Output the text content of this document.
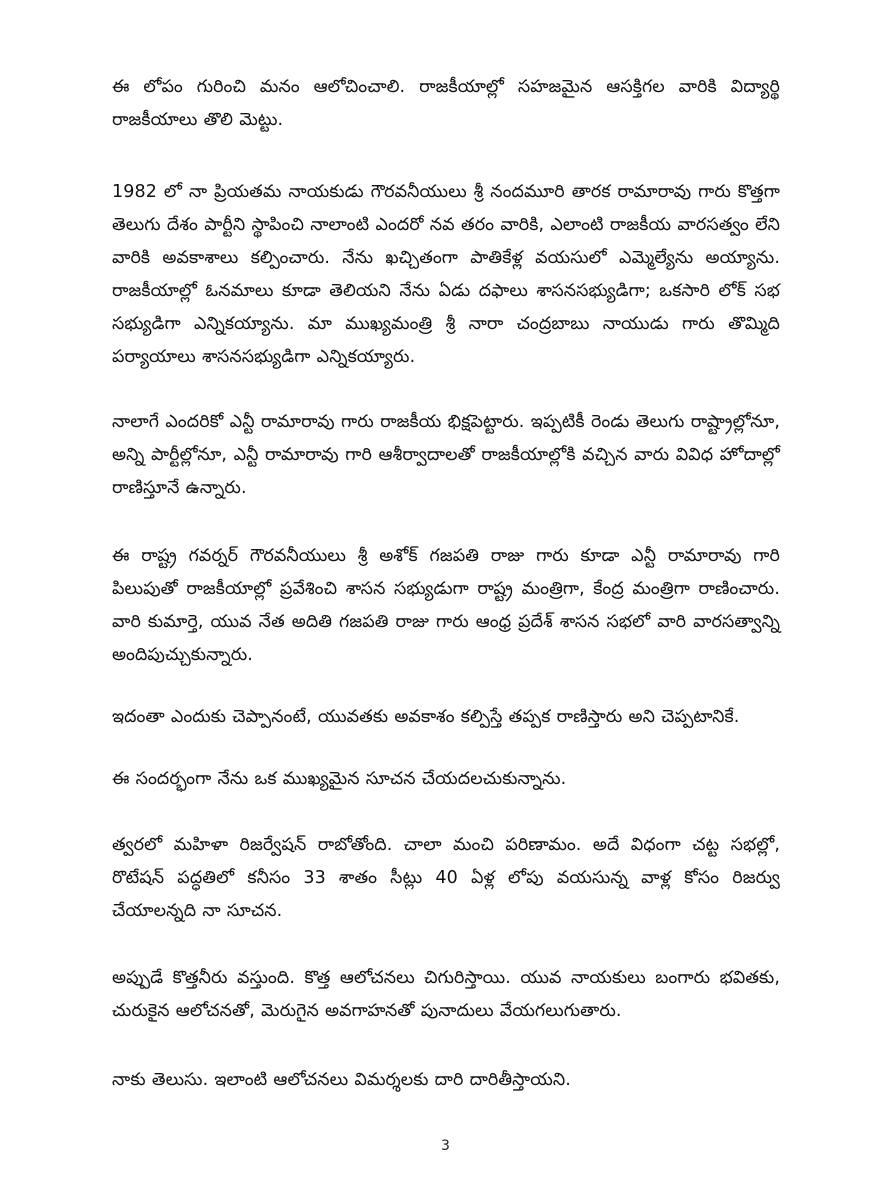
ఈ లోపం గురించి మనం ఆలోచించాలి. రాజకీయాల్లో సహజమైన ఆసక్తిగల వారికి విద్యార్థి రాజకీయాలు తొలి మెట్టు.

1982 లో నా ప్రియతమ నాయకుడు గౌరవనీయులు శ్రీ నందమూరి తారక రామారావు గారు కొత్తగా తెలుగు దేశం పార్టీని స్థాపించి నాలాంటి ఎందరో నవ తరం వారికి, ఎలాంటి రాజకీయ వారసత్వం లేని వారికి అవకాశాలు కల్పించారు. నేను ఖచ్చితంగా పాతికేళ్ల వయసులో ఎమ్మెల్యేను అయ్యాను. రాజకీయాల్లో ఓనమాలు కూడా తెలియని నేను ఏడు దఫాలు శాసనసభ్యుడిగా; ఒకసారి లోక్ సభ సభ్యుడిగా ఎన్నికయ్యాను. మా ముఖ్యమంత్రి శ్రీ నారా చంద్రబాబు నాయుడు గారు తొమ్మిది పర్యాయాలు శాసనసభ్యుడిగా ఎన్నికయ్యారు.

నాలాగే ఎందరికో ఎన్టీ రామారావు గారు రాజకీయ భిక్షపెట్టారు. ఇప్పటికీ రెండు తెలుగు రాష్ట్రాల్లోనూ, అన్ని పార్టీల్లోనూ, ఎన్టీ రామారావు గారి ఆశీర్వాదాలతో రాజకీయాల్లోకి వచ్చిన వారు వివిధ హోదాల్లో రాణిస్తూనే ఉన్నారు.

ఈ రాష్ట్ర గవర్నర్ గౌరవనీయులు శ్రీ అశోక్ గజపతి రాజు గారు కూడా ఎన్టీ రామారావు గారి పిలుపుతో రాజకీయాల్లో ప్రవేశించి శాసన సభ్యుడుగా రాష్ట్ర మంత్రిగా, కేంద్ర మంత్రిగా రాణించారు. వారి కుమార్తె, యువ నేత అదితి గజపతి రాజు గారు ఆంధ్ర ప్రదేశ్ శాసన సభలో వారి వారసత్వాన్ని అందిపుచ్చుకున్నారు.

ఇదంతా ఎందుకు చెప్పానంటే, యువతకు అవకాశం కల్పిస్తే తప్పక రాణిస్తారు అని చెప్పటానికే.

ఈ సందర్భంగా నేను ఒక ముఖ్యమైన సూచన చేయదలచుకున్నాను.

త్వరలో మహిళా రిజర్వేషన్ రాబోతోంది. చాలా మంచి పరిణామం. అదే విధంగా చట్ట సభల్లో, రొటేషన్ పద్ధతిలో కనీసం 33 శాతం సీట్లు 40 ఏళ్ల లోపు వయసున్న వాళ్ల కోసం రిజర్వు చేయాలన్నది నా సూచన.

అప్పుడే కొత్తనీరు వస్తుంది. కొత్త ఆలోచనలు చిగురిస్తాయి. యువ నాయకులు బంగారు భవితకు, చురుకైన ఆలోచనతో, మెరుగైన అవగాహనతో పునాదులు వేయగలుగుతారు.

నాకు తెలుసు. ఇలాంటి ఆలోచనలు విమర్శలకు దారి దారితీస్తాయని.

3
